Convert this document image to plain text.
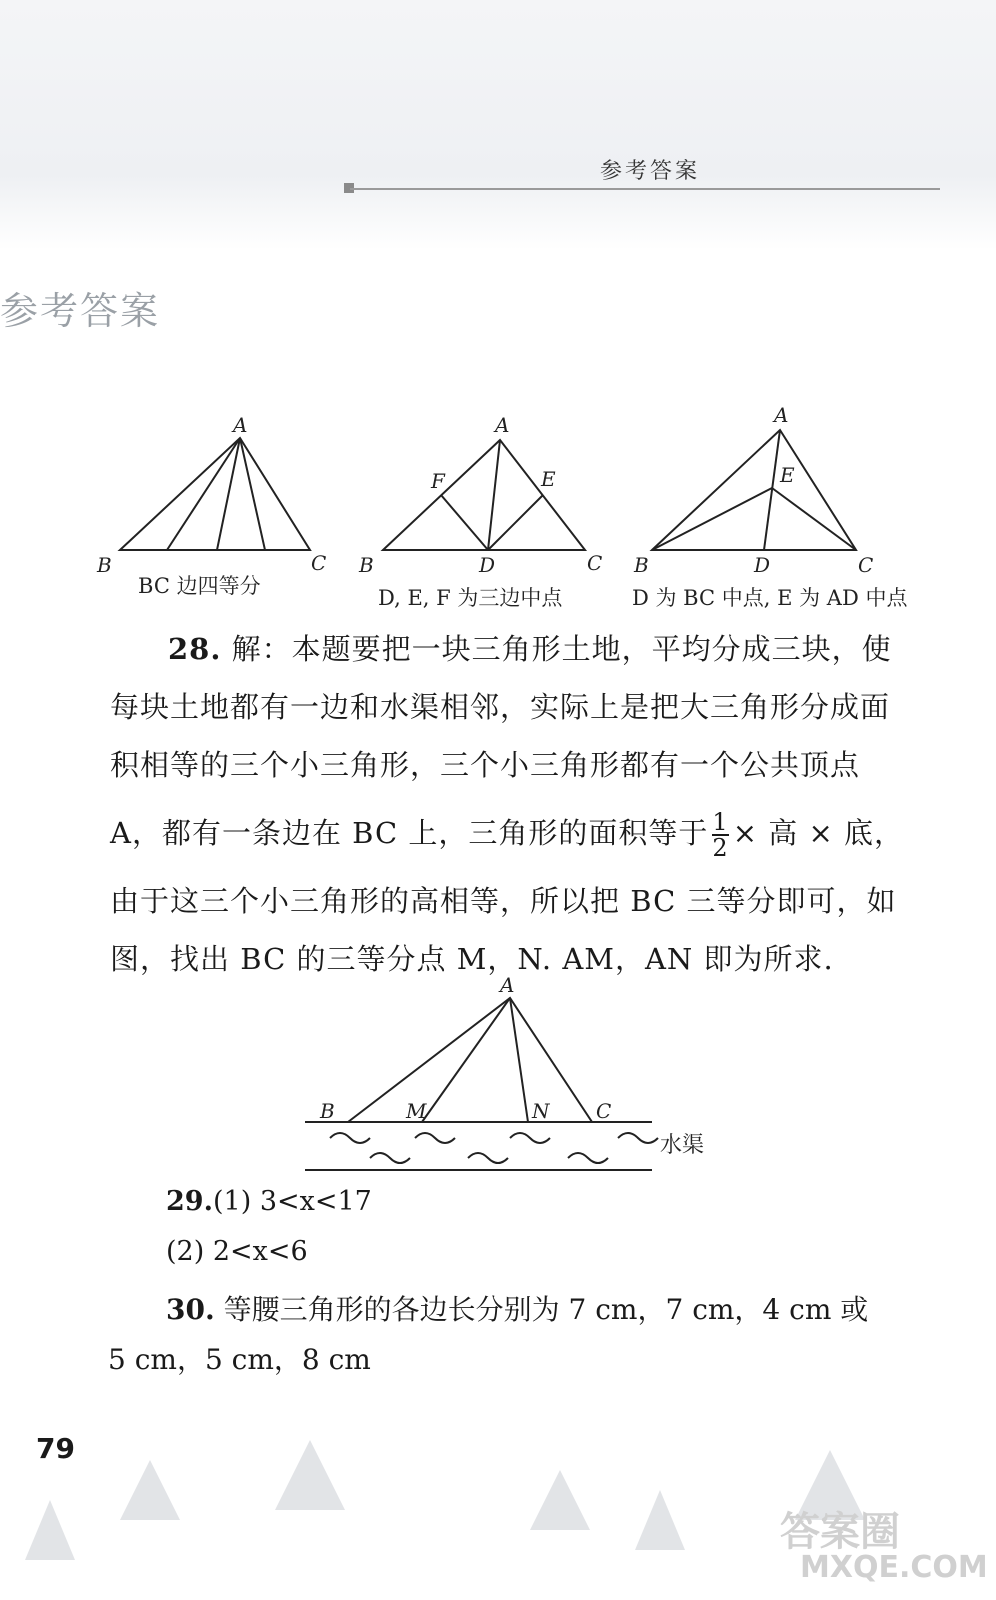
参考答案
参考答案
A
B	C
BC 边四等分
A
B	C
D
E
F
D, E, F 为三边中点
A
B	C
D
E
D 为 BC 中点, E 为 AD 中点

28. 解：本题要把一块三角形土地，平均分成三块，使

每块土地都有一边和水渠相邻，实际上是把大三角形分成面

积相等的三个小三角形，三个小三角形都有一个公共顶点

A，都有一条边在 BC 上，三角形的面积等于 $\frac{1}{2}$ × 高 × 底，

由于这三个小三角形的高相等，所以把 BC 三等分即可，如

图，找出 BC 的三等分点 M，N. AM，AN 即为所求.

A
B	M	N C
水渠
29.(1) 3<x<17
(2) 2<x<6
30. 等腰三角形的各边长分别为 7 cm，7 cm，4 cm 或
5 cm，5 cm，8 cm
79
答案圈
MXQE.COM
